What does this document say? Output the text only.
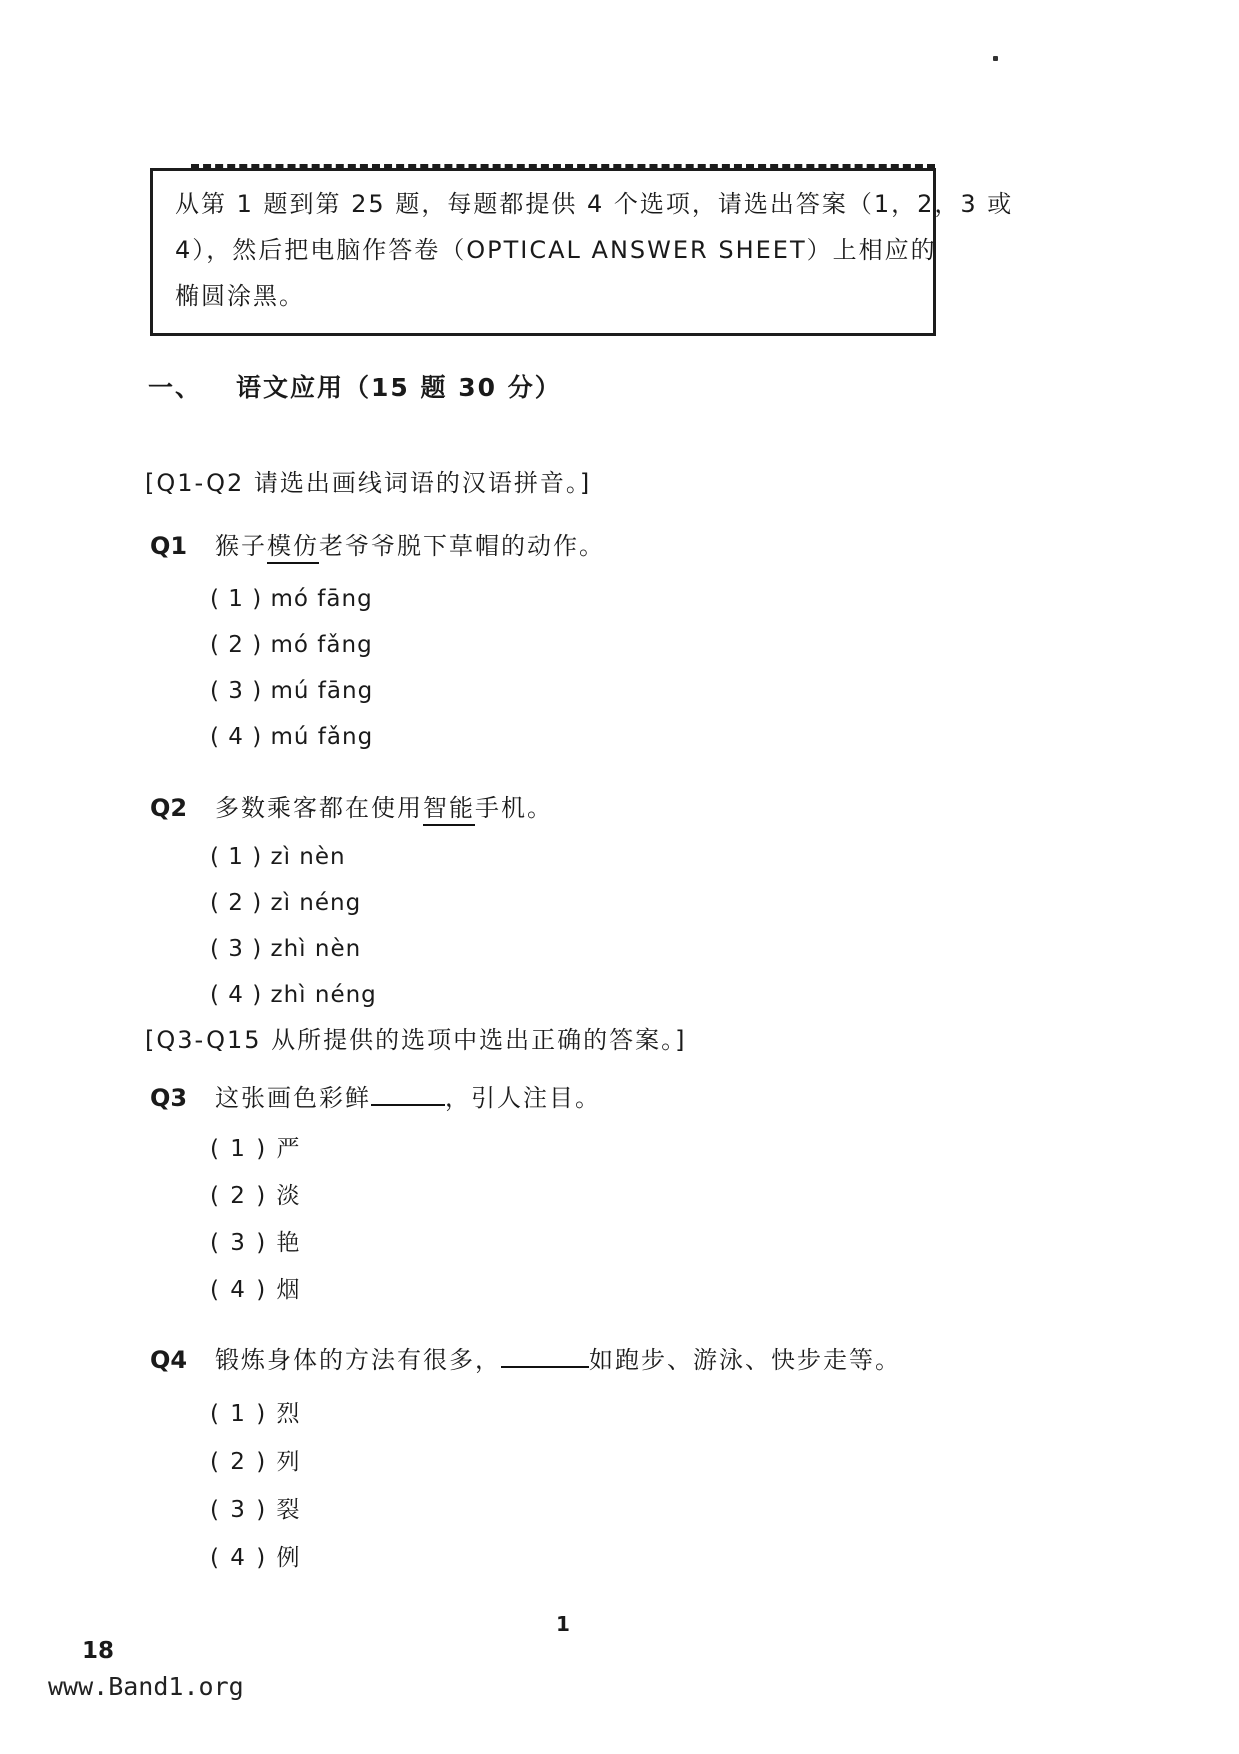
从第 1 题到第 25 题，每题都提供 4 个选项，请选出答案（1，2，3 或
4），然后把电脑作答卷（OPTICAL ANSWER SHEET）上相应的
椭圆涂黑。
一、 语文应用（15 题 30 分）
[Q1-Q2 请选出画线词语的汉语拼音。]
Q1 猴子模仿老爷爷脱下草帽的动作。
( 1 ) mó fāng
( 2 ) mó fǎng
( 3 ) mú fāng
( 4 ) mú fǎng
Q2 多数乘客都在使用智能手机。
( 1 ) zì nèn
( 2 ) zì néng
( 3 ) zhì nèn
( 4 ) zhì néng
[Q3-Q15 从所提供的选项中选出正确的答案。]
Q3 这张画色彩鲜	，引人注目。
( 1 ) 严
( 2 ) 淡
( 3 ) 艳
( 4 ) 烟
Q4 锻炼身体的方法有很多，	如跑步、游泳、快步走等。
( 1 ) 烈
( 2 ) 列
( 3 ) 裂
( 4 ) 例
1
18
www.Band1.org
